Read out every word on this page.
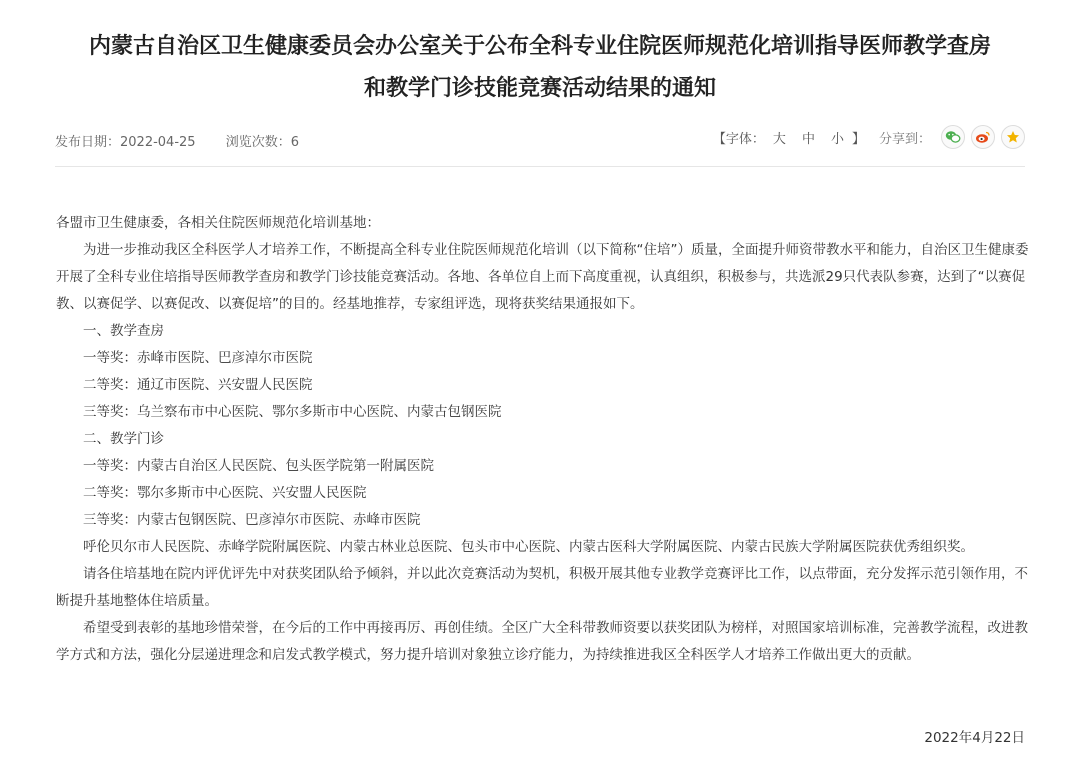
内蒙古自治区卫生健康委员会办公室关于公布全科专业住院医师规范化培训指导医师教学查房
和教学门诊技能竞赛活动结果的通知
发布日期：2022-04-25 浏览次数：6	【字体： 大 中 小 】 分享到：

各盟市卫生健康委，各相关住院医师规范化培训基地：

为进一步推动我区全科医学人才培养工作，不断提高全科专业住院医师规范化培训（以下简称“住培”）质量，全面提升师资带教水平和能力，自治区卫生健康委开展了全科专业住培指导医师教学查房和教学门诊技能竞赛活动。各地、各单位自上而下高度重视，认真组织，积极参与，共选派29只代表队参赛，达到了“以赛促教、以赛促学、以赛促改、以赛促培”的目的。经基地推荐，专家组评选，现将获奖结果通报如下。

一、教学查房

一等奖：赤峰市医院、巴彦淖尔市医院

二等奖：通辽市医院、兴安盟人民医院

三等奖：乌兰察布市中心医院、鄂尔多斯市中心医院、内蒙古包钢医院

二、教学门诊

一等奖：内蒙古自治区人民医院、包头医学院第一附属医院

二等奖：鄂尔多斯市中心医院、兴安盟人民医院

三等奖：内蒙古包钢医院、巴彦淖尔市医院、赤峰市医院

呼伦贝尔市人民医院、赤峰学院附属医院、内蒙古林业总医院、包头市中心医院、内蒙古医科大学附属医院、内蒙古民族大学附属医院获优秀组织奖。

请各住培基地在院内评优评先中对获奖团队给予倾斜，并以此次竞赛活动为契机，积极开展其他专业教学竞赛评比工作，以点带面，充分发挥示范引领作用，不断提升基地整体住培质量。

希望受到表彰的基地珍惜荣誉，在今后的工作中再接再厉、再创佳绩。全区广大全科带教师资要以获奖团队为榜样，对照国家培训标准，完善教学流程，改进教学方式和方法，强化分层递进理念和启发式教学模式，努力提升培训对象独立诊疗能力，为持续推进我区全科医学人才培养工作做出更大的贡献。

2022年4月22日
